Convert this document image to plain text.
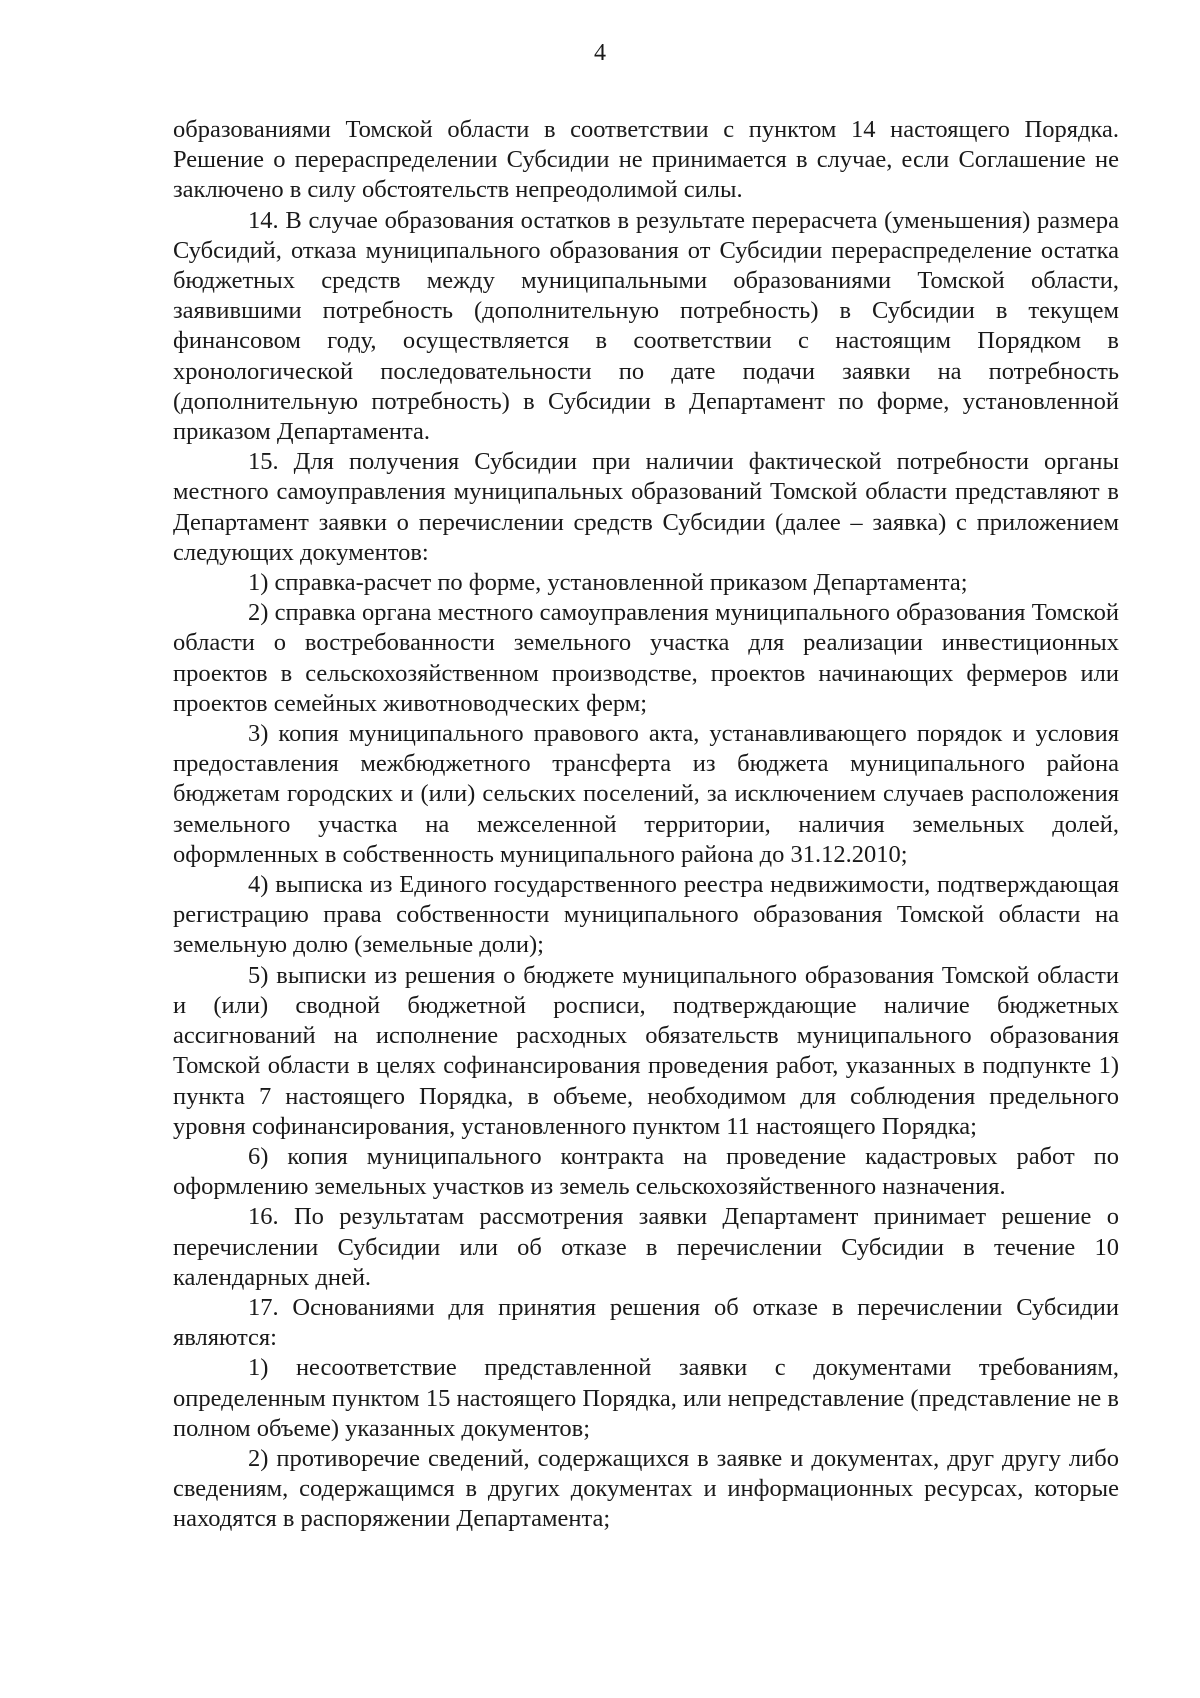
4

образованиями Томской области в соответствии с пунктом 14 настоящего Порядка. Решение о перераспределении Субсидии не принимается в случае, если Соглашение не заключено в силу обстоятельств непреодолимой силы.

14. В случае образования остатков в результате перерасчета (уменьшения) размера Субсидий, отказа муниципального образования от Субсидии перераспределение остатка бюджетных средств между муниципальными образованиями Томской области, заявившими потребность (дополнительную потребность) в Субсидии в текущем финансовом году, осуществляется в соответствии с настоящим Порядком в хронологической последовательности по дате подачи заявки на потребность (дополнительную потребность) в Субсидии в Департамент по форме, установленной приказом Департамента.

15. Для получения Субсидии при наличии фактической потребности органы местного самоуправления муниципальных образований Томской области представляют в Департамент заявки о перечислении средств Субсидии (далее – заявка) с приложением следующих документов:

1) справка-расчет по форме, установленной приказом Департамента;

2) справка органа местного самоуправления муниципального образования Томской области о востребованности земельного участка для реализации инвестиционных проектов в сельскохозяйственном производстве, проектов начинающих фермеров или проектов семейных животноводческих ферм;

3) копия муниципального правового акта, устанавливающего порядок и условия предоставления межбюджетного трансферта из бюджета муниципального района бюджетам городских и (или) сельских поселений, за исключением случаев расположения земельного участка на межселенной территории, наличия земельных долей, оформленных в собственность муниципального района до 31.12.2010;

4) выписка из Единого государственного реестра недвижимости, подтверждающая регистрацию права собственности муниципального образования Томской области на земельную долю (земельные доли);

5) выписки из решения о бюджете муниципального образования Томской области и (или) сводной бюджетной росписи, подтверждающие наличие бюджетных ассигнований на исполнение расходных обязательств муниципального образования Томской области в целях софинансирования проведения работ, указанных в подпункте 1) пункта 7 настоящего Порядка, в объеме, необходимом для соблюдения предельного уровня софинансирования, установленного пунктом 11 настоящего Порядка;

6) копия муниципального контракта на проведение кадастровых работ по оформлению земельных участков из земель сельскохозяйственного назначения.

16. По результатам рассмотрения заявки Департамент принимает решение о перечислении Субсидии или об отказе в перечислении Субсидии в течение 10 календарных дней.

17. Основаниями для принятия решения об отказе в перечислении Субсидии являются:

1) несоответствие представленной заявки с документами требованиям, определенным пунктом 15 настоящего Порядка, или непредставление (представление не в полном объеме) указанных документов;

2) противоречие сведений, содержащихся в заявке и документах, друг другу либо сведениям, содержащимся в других документах и информационных ресурсах, которые находятся в распоряжении Департамента;
